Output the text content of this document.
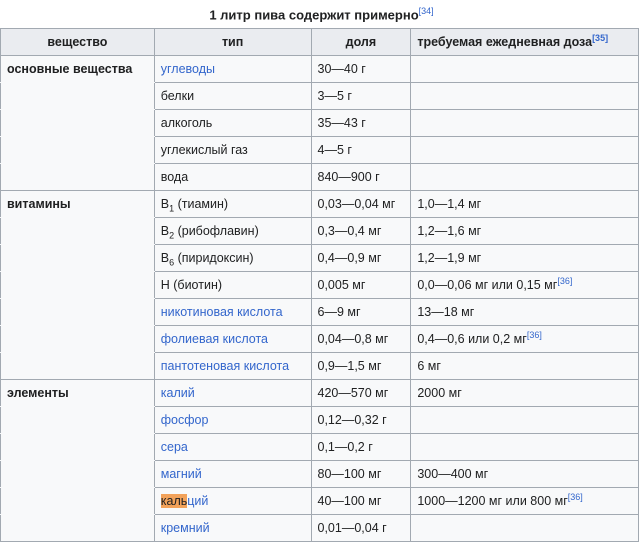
1 литр пива содержит примерно[34]
вещество	тип	доля	требуемая ежедневная доза[35]
основные вещества	углеводы	30—40 г	
	белки	3—5 г	
	алкоголь	35—43 г	
	углекислый газ	4—5 г	
	вода	840—900 г	
витамины	$B_1$ (тиамин)	0,03—0,04 мг	1,0—1,4 мг
	$B_2$ (рибофлавин)	0,3—0,4 мг	1,2—1,6 мг
	$B_6$ (пиридоксин)	0,4—0,9 мг	1,2—1,9 мг
	H (биотин)	0,005 мг	0,0—0,06 мг или 0,15 мг[36]
	никотиновая кислота	6—9 мг	13—18 мг
	фолиевая кислота	0,04—0,8 мг	0,4—0,6 или 0,2 мг[36]
	пантотеновая кислота	0,9—1,5 мг	6 мг
элементы	калий	420—570 мг	2000 мг
	фосфор	0,12—0,32 г	
	сера	0,1—0,2 г	
	магний	80—100 мг	300—400 мг
	кальций	40—100 мг	1000—1200 мг или 800 мг[36]
	кремний	0,01—0,04 г	
